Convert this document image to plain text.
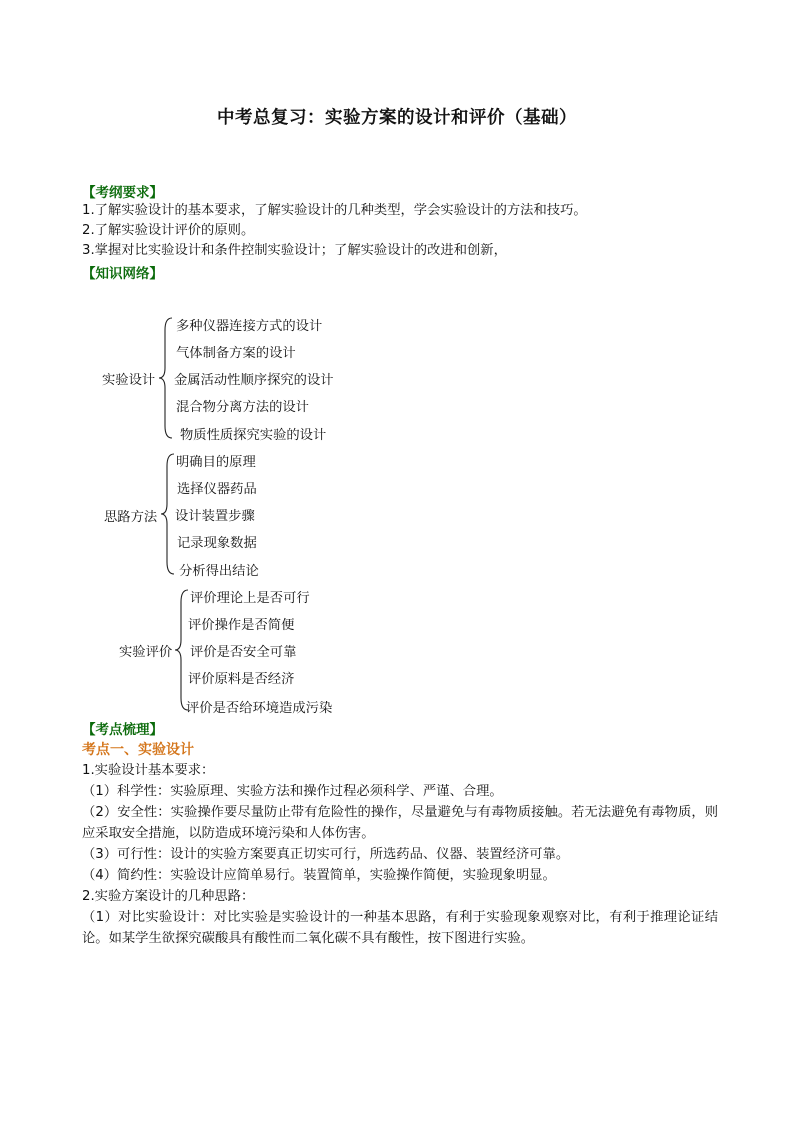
中考总复习：实验方案的设计和评价（基础）
【考纲要求】
1.了解实验设计的基本要求，了解实验设计的几种类型，学会实验设计的方法和技巧。
2.了解实验设计评价的原则。
3.掌握对比实验设计和条件控制实验设计；了解实验设计的改进和创新，
【知识网络】
实验设计
多种仪器连接方式的设计
气体制备方案的设计
金属活动性顺序探究的设计
混合物分离方法的设计
物质性质探究实验的设计
思路方法
明确目的原理
选择仪器药品
设计装置步骤
记录现象数据
分析得出结论
实验评价
评价理论上是否可行
评价操作是否简便
评价是否安全可靠
评价原料是否经济
评价是否给环境造成污染
【考点梳理】
考点一、实验设计
1.实验设计基本要求：
（1）科学性：实验原理、实验方法和操作过程必须科学、严谨、合理。
（2）安全性：实验操作要尽量防止带有危险性的操作，尽量避免与有毒物质接触。若无法避免有毒物质，则应采取安全措施，以防造成环境污染和人体伤害。
（3）可行性：设计的实验方案要真正切实可行，所选药品、仪器、装置经济可靠。
（4）简约性：实验设计应简单易行。装置简单，实验操作简便，实验现象明显。
2.实验方案设计的几种思路：
（1）对比实验设计：对比实验是实验设计的一种基本思路，有利于实验现象观察对比，有利于推理论证结论。如某学生欲探究碳酸具有酸性而二氧化碳不具有酸性，按下图进行实验。
